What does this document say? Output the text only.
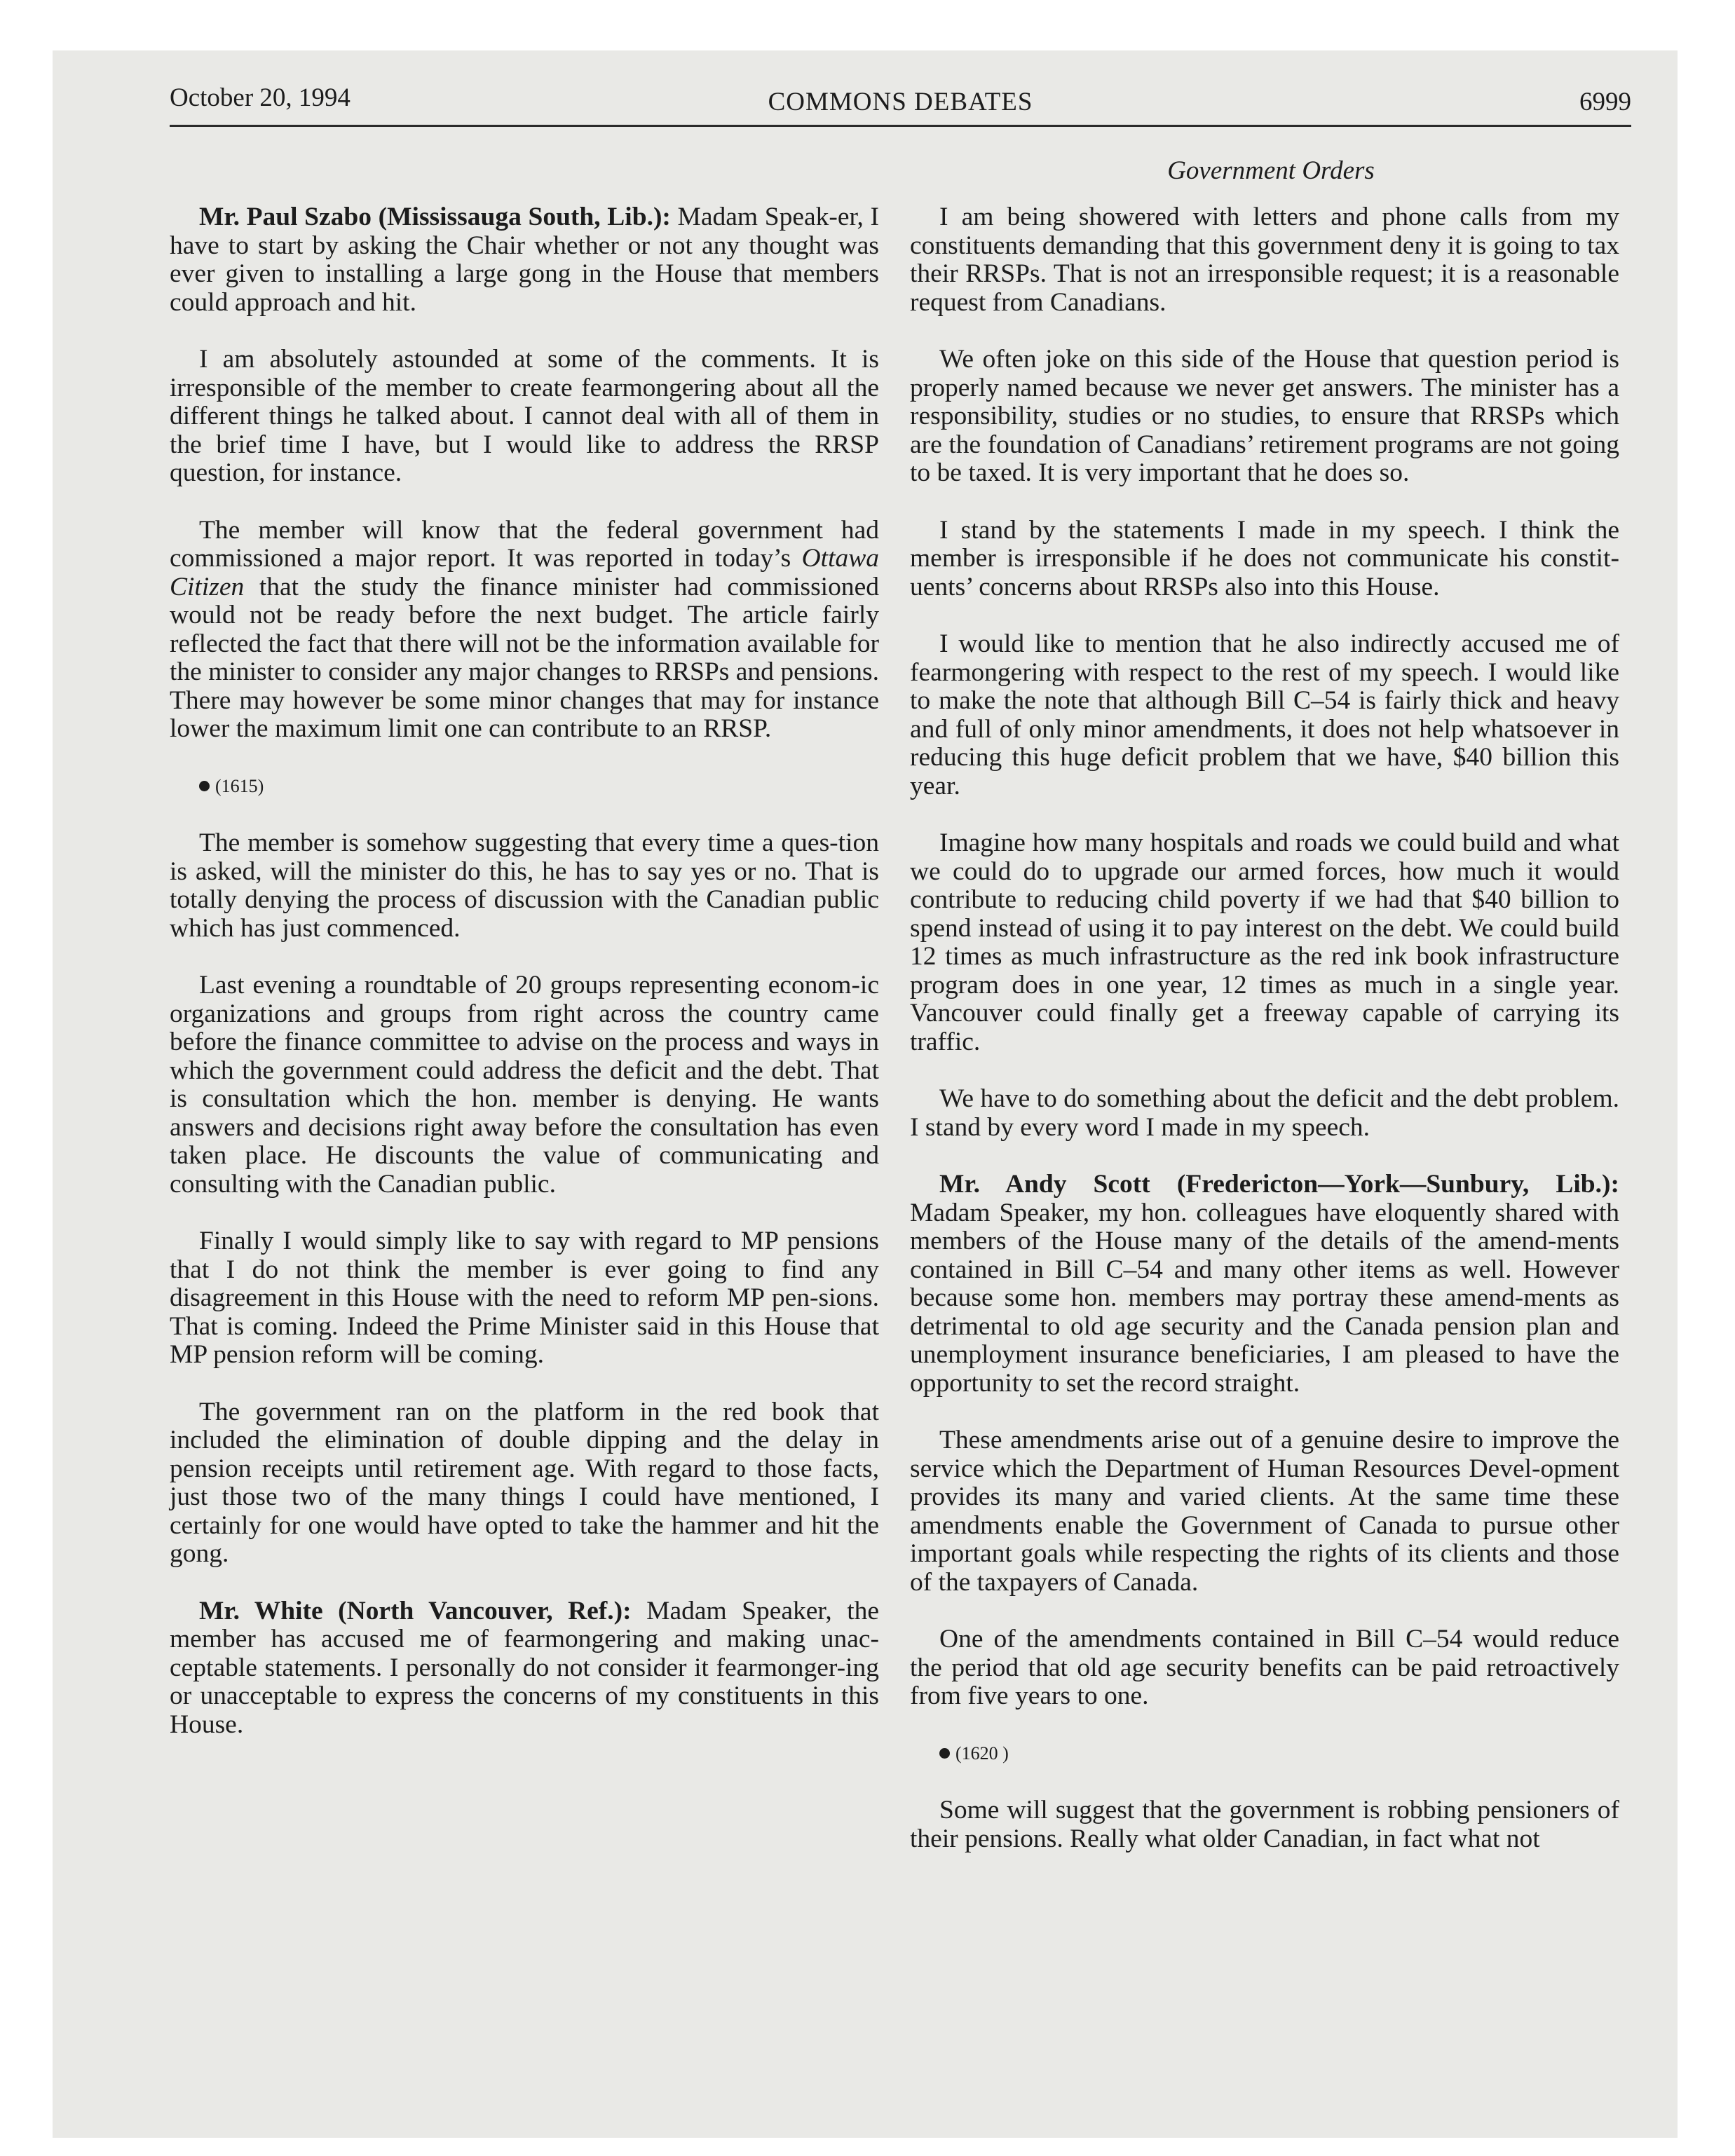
October 20, 1994	COMMONS DEBATES	6999
Government Orders

Mr. Paul Szabo (Mississauga South, Lib.): Madam Speak-er, I have to start by asking the Chair whether or not any thought was ever given to installing a large gong in the House that members could approach and hit.

I am absolutely astounded at some of the comments. It is irresponsible of the member to create fearmongering about all the different things he talked about. I cannot deal with all of them in the brief time I have, but I would like to address the RRSP question, for instance.

The member will know that the federal government had commissioned a major report. It was reported in today’s Ottawa Citizen that the study the finance minister had commissioned would not be ready before the next budget. The article fairly reflected the fact that there will not be the information available for the minister to consider any major changes to RRSPs and pensions. There may however be some minor changes that may for instance lower the maximum limit one can contribute to an RRSP.

(1615)

The member is somehow suggesting that every time a ques-tion is asked, will the minister do this, he has to say yes or no. That is totally denying the process of discussion with the Canadian public which has just commenced.

Last evening a roundtable of 20 groups representing econom-ic organizations and groups from right across the country came before the finance committee to advise on the process and ways in which the government could address the deficit and the debt. That is consultation which the hon. member is denying. He wants answers and decisions right away before the consultation has even taken place. He discounts the value of communicating and consulting with the Canadian public.

Finally I would simply like to say with regard to MP pensions that I do not think the member is ever going to find any disagreement in this House with the need to reform MP pen-sions. That is coming. Indeed the Prime Minister said in this House that MP pension reform will be coming.

The government ran on the platform in the red book that included the elimination of double dipping and the delay in pension receipts until retirement age. With regard to those facts, just those two of the many things I could have mentioned, I certainly for one would have opted to take the hammer and hit the gong.

Mr. White (North Vancouver, Ref.): Madam Speaker, the member has accused me of fearmongering and making unac-ceptable statements. I personally do not consider it fearmonger-ing or unacceptable to express the concerns of my constituents in this House.

I am being showered with letters and phone calls from my constituents demanding that this government deny it is going to tax their RRSPs. That is not an irresponsible request; it is a reasonable request from Canadians.

We often joke on this side of the House that question period is properly named because we never get answers. The minister has a responsibility, studies or no studies, to ensure that RRSPs which are the foundation of Canadians’ retirement programs are not going to be taxed. It is very important that he does so.

I stand by the statements I made in my speech. I think the member is irresponsible if he does not communicate his constit-uents’ concerns about RRSPs also into this House.

I would like to mention that he also indirectly accused me of fearmongering with respect to the rest of my speech. I would like to make the note that although Bill C–54 is fairly thick and heavy and full of only minor amendments, it does not help whatsoever in reducing this huge deficit problem that we have, $40 billion this year.

Imagine how many hospitals and roads we could build and what we could do to upgrade our armed forces, how much it would contribute to reducing child poverty if we had that $40 billion to spend instead of using it to pay interest on the debt. We could build 12 times as much infrastructure as the red ink book infrastructure program does in one year, 12 times as much in a single year. Vancouver could finally get a freeway capable of carrying its traffic.

We have to do something about the deficit and the debt problem. I stand by every word I made in my speech.

Mr. Andy Scott (Fredericton—York—Sunbury, Lib.): Madam Speaker, my hon. colleagues have eloquently shared with members of the House many of the details of the amend-ments contained in Bill C–54 and many other items as well. However because some hon. members may portray these amend-ments as detrimental to old age security and the Canada pension plan and unemployment insurance beneficiaries, I am pleased to have the opportunity to set the record straight.

These amendments arise out of a genuine desire to improve the service which the Department of Human Resources Devel-opment provides its many and varied clients. At the same time these amendments enable the Government of Canada to pursue other important goals while respecting the rights of its clients and those of the taxpayers of Canada.

One of the amendments contained in Bill C–54 would reduce the period that old age security benefits can be paid retroactively from five years to one.

(1620 )

Some will suggest that the government is robbing pensioners of their pensions. Really what older Canadian, in fact what not
